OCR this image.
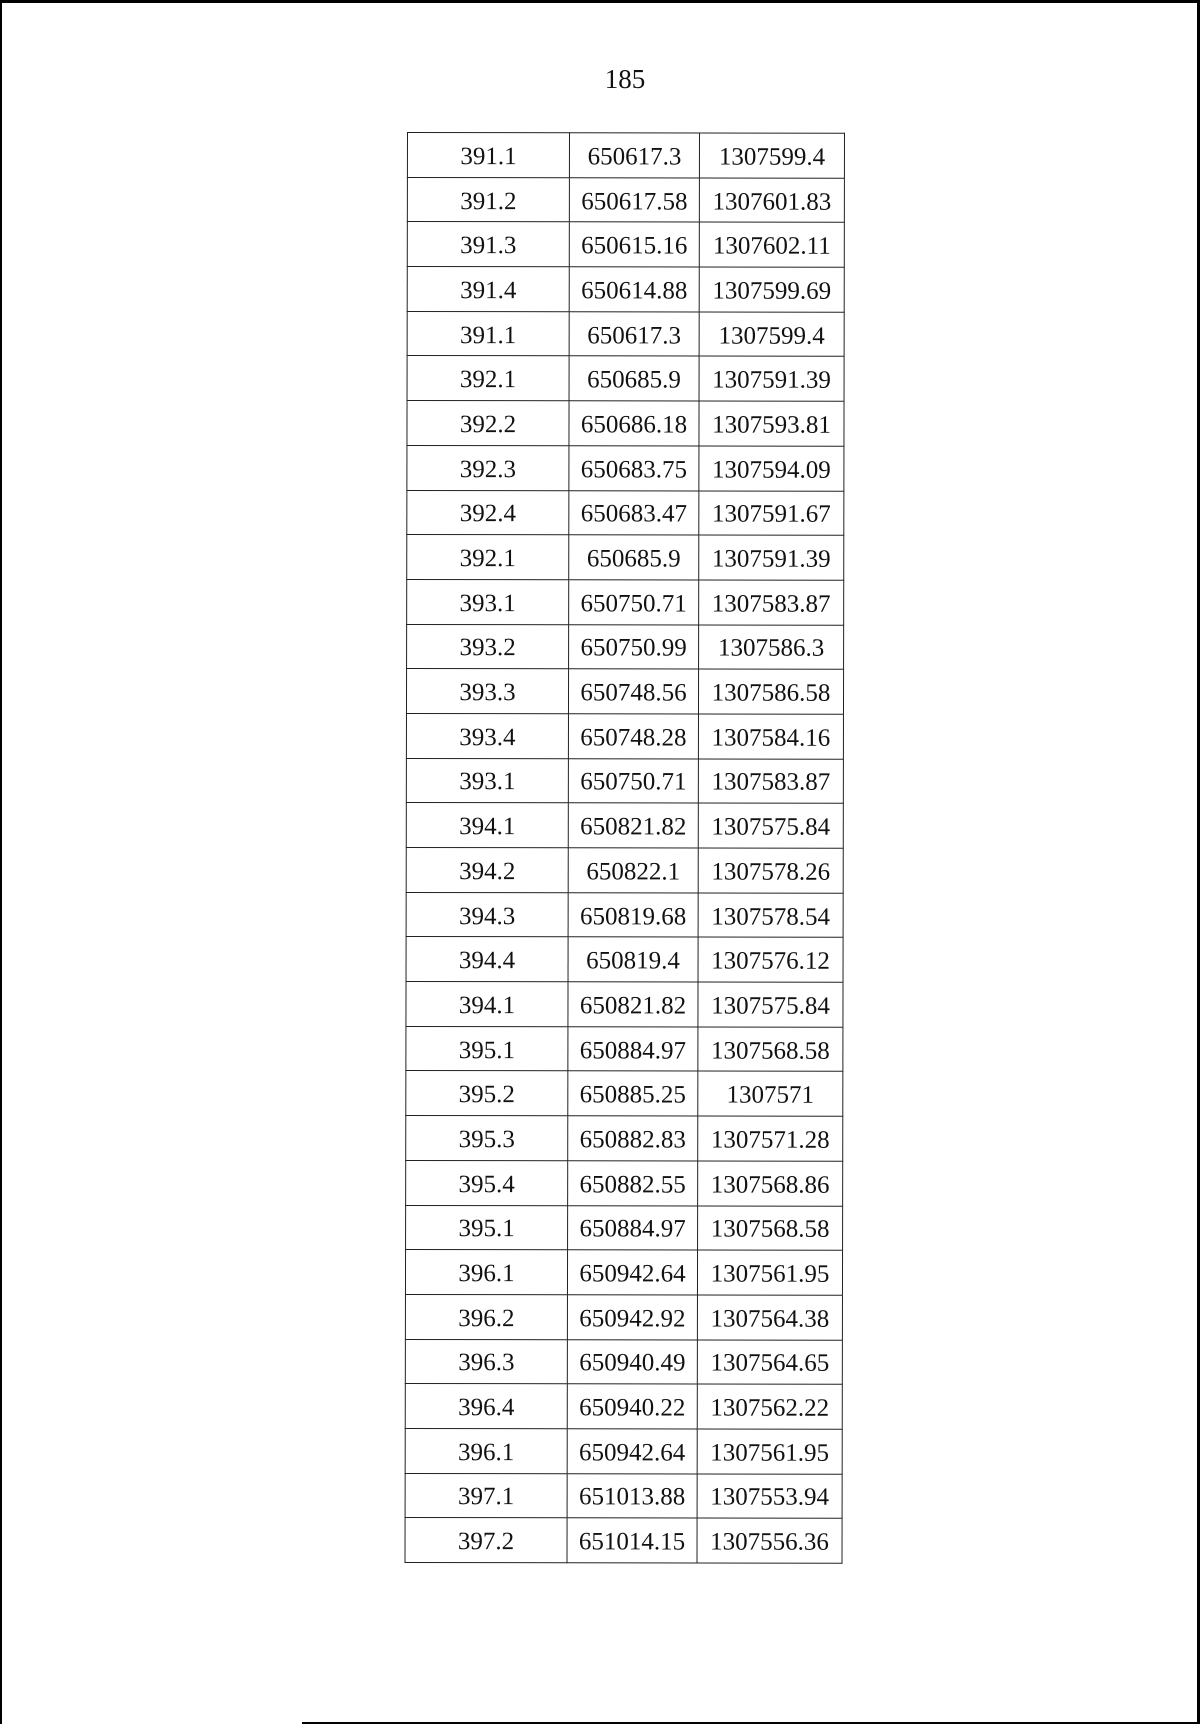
185
391.1	650617.3	1307599.4
391.2	650617.58	1307601.83
391.3	650615.16	1307602.11
391.4	650614.88	1307599.69
391.1	650617.3	1307599.4
392.1	650685.9	1307591.39
392.2	650686.18	1307593.81
392.3	650683.75	1307594.09
392.4	650683.47	1307591.67
392.1	650685.9	1307591.39
393.1	650750.71	1307583.87
393.2	650750.99	1307586.3
393.3	650748.56	1307586.58
393.4	650748.28	1307584.16
393.1	650750.71	1307583.87
394.1	650821.82	1307575.84
394.2	650822.1	1307578.26
394.3	650819.68	1307578.54
394.4	650819.4	1307576.12
394.1	650821.82	1307575.84
395.1	650884.97	1307568.58
395.2	650885.25	1307571
395.3	650882.83	1307571.28
395.4	650882.55	1307568.86
395.1	650884.97	1307568.58
396.1	650942.64	1307561.95
396.2	650942.92	1307564.38
396.3	650940.49	1307564.65
396.4	650940.22	1307562.22
396.1	650942.64	1307561.95
397.1	651013.88	1307553.94
397.2	651014.15	1307556.36
